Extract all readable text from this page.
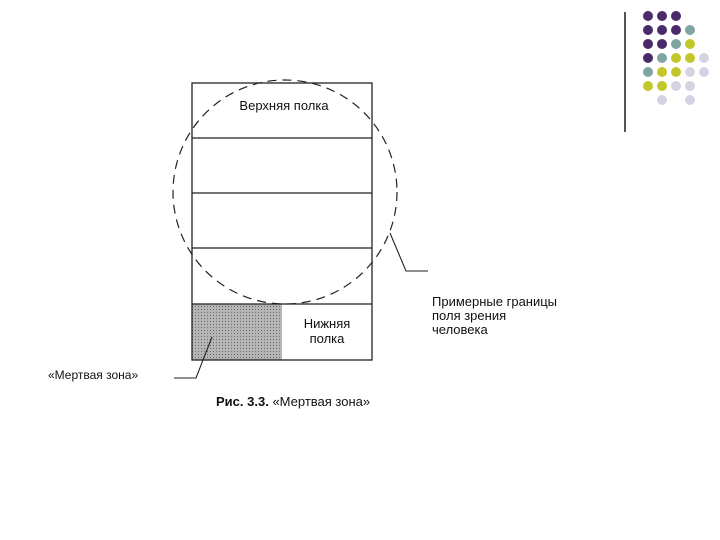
Верхняя полка
Нижняя
полка
Примерные границы
поля зрения
человека
«Мертвая зона»
Рис. 3.3. «Мертвая зона»
